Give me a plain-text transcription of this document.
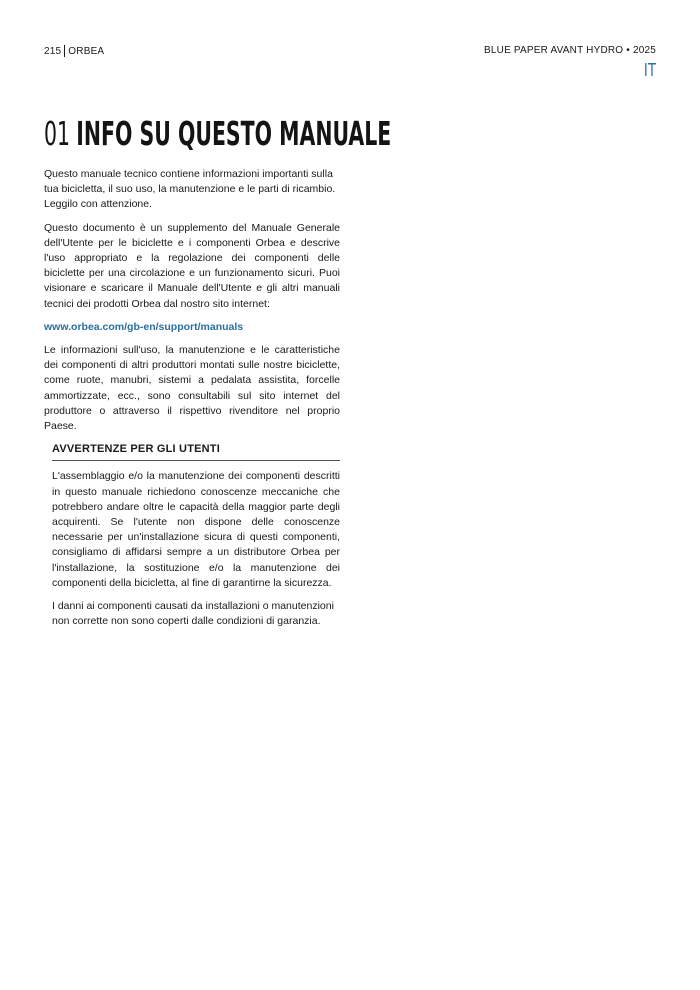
215 ORBEA	BLUE PAPER AVANT HYDRO • 2025
IT
01 INFO SU QUESTO MANUALE

Questo manuale tecnico contiene informazioni importanti sulla tua bicicletta, il suo uso, la manutenzione e le parti di ricambio. Leggilo con attenzione.

Questo documento è un supplemento del Manuale Generale dell'Utente per le biciclette e i componenti Orbea e descrive l'uso appropriato e la regolazione dei componenti delle biciclette per una circolazione e un funzionamento sicuri. Puoi visionare e scaricare il Manuale dell'Utente e gli altri manuali tecnici dei prodotti Orbea dal nostro sito internet:

www.orbea.com/gb-en/support/manuals

Le informazioni sull'uso, la manutenzione e le caratteristiche dei componenti di altri produttori montati sulle nostre biciclette, come ruote, manubri, sistemi a pedalata assistita, forcelle ammortizzate, ecc., sono consultabili sul sito internet del produttore o attraverso il rispettivo rivenditore nel proprio Paese.

AVVERTENZE PER GLI UTENTI

L'assemblaggio e/o la manutenzione dei componenti descritti in questo manuale richiedono conoscenze meccaniche che potrebbero andare oltre le capacità della maggior parte degli acquirenti. Se l'utente non dispone delle conoscenze necessarie per un'installazione sicura di questi componenti, consigliamo di affidarsi sempre a un distributore Orbea per l'installazione, la sostituzione e/o la manutenzione dei componenti della bicicletta, al fine di garantirne la sicurezza.

I danni ai componenti causati da installazioni o manutenzioni non corrette non sono coperti dalle condizioni di garanzia.
